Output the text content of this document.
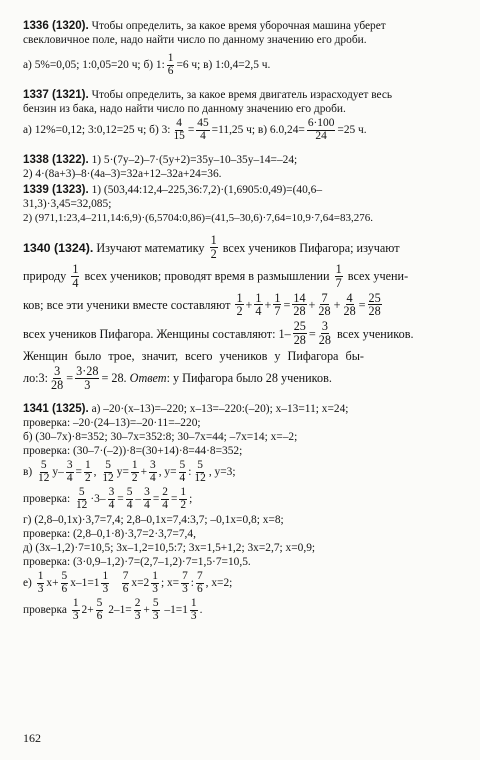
1336 (1320). Чтобы определить, за какое время уборочная машина уберет
свекловичное поле, надо найти число по данному значению его дроби.
а) 5%=0,05; 1:0,05=20 ч; б) 1: $\frac{1}{6} =6$ ч; в) 1:0,4=2,5 ч.
1337 (1321). Чтобы определить, за какое время двигатель израсходует весь
бензин из бака, надо найти число по данному значению его дроби.
а) 12%=0,12; 3:0,12=25 ч; б) 3: $\frac{4}{15} = \frac{45}{4} =11,25$ ч; в) $6.0,24= \frac{6\cdot 100}{24} =25$ ч.
1338 (1322). 1) 5·(7y–2)–7·(5y+2)=35y–10–35y–14=–24;
2) 4·(8a+3)–8·(4a–3)=32a+12–32a+24=36.
1339 (1323). 1) (503,44:12,4–225,36:7,2)·(1,6905:0,49)=(40,6–
31,3)·3,45=32,085;
2) (971,1:23,4–211,14:6,9)·(6,5704:0,86)=(41,5–30,6)·7,64=10,9·7,64=83,276.
1340 (1324). Изучают математику $\frac{1}{2}$ всех учеников Пифагора; изучают
природу $\frac{1}{4}$ всех учеников; проводят время в размышлении $\frac{1}{7}$ всех учени-
ков; все эти ученики вместе составляют $\frac{1}{2} + \frac{1}{4} + \frac{1}{7} = \frac{14}{28} + \frac{7}{28} + \frac{4}{28} = \frac{25}{28}$
всех учеников Пифагора. Женщины составляют: $1- \frac{25}{28} = \frac{3}{28}$ всех учеников.
Женщин было трое, значит, всего учеников у Пифагора бы-
ло:3: $\frac{3}{28} = \frac{3\cdot 28}{3} = 28$. Ответ : у Пифагора было 28 учеников.
1341 (1325). а) –20·(x–13)=–220; x–13=–220:(–20); x–13=11; x=24;
проверка: –20·(24–13)=–20·11=–220;
б) (30–7x)·8=352; 30–7x=352:8; 30–7x=44; –7x=14; x=–2;
проверка: (30–7·(–2))·8=(30+14)·8=44·8=352;
$в) \frac{5}{12} y- \frac{3}{4} = \frac{1}{2}$ , $\frac{5}{12} y= \frac{1}{2} + \frac{3}{4}$ , $y= \frac{5}{4}$ : $\frac{5}{12}$ , y=3;
проверка: $\frac{5}{12} \cdot 3- \frac{3}{4} = \frac{5}{4} - \frac{3}{4} = \frac{2}{4} = \frac{1}{2}$ ;
г) (2,8–0,1x)·3,7=7,4; 2,8–0,1x=7,4:3,7; –0,1x=0,8; x=8;
проверка: (2,8–0,1·8)·3,7=2·3,7=7,4,
д) (3x–1,2)·7=10,5; 3x–1,2=10,5:7; 3x=1,5+1,2; 3x=2,7; x=0,9;
проверка: (3·0,9–1,2)·7=(2,7–1,2)·7=1,5·7=10,5.
$е) \frac{1}{3} x+ \frac{5}{6} x-1=1 \frac{1}{3}$
$\frac{7}{6} x=2 \frac{1}{3}$ ; $x= \frac{7}{3}$ : $\frac{7}{6}$ , x=2;
проверка $\frac{1}{3} 2+ \frac{5}{6} 2-1= \frac{2}{3} + \frac{5}{3} -1=1 \frac{1}{3}$ .
162
